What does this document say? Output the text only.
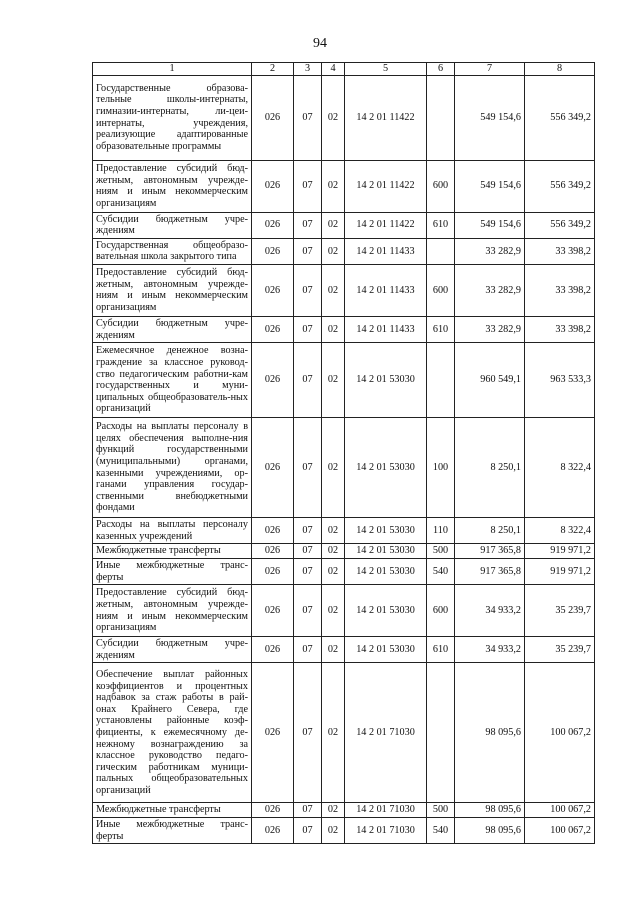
94
1	2	3	4	5	6	7	8
Государственные образова-тельные школы-интернаты, гимназии-интернаты, ли-цеи-интернаты, учреждения, реализующие адаптированные образовательные программы	026	07	02	14 2 01 11422		549 154,6	556 349,2
Предоставление субсидий бюд-жетным, автономным учрежде-ниям и иным некоммерческим организациям	026	07	02	14 2 01 11422	600	549 154,6	556 349,2
Субсидии бюджетным учре-ждениям	026	07	02	14 2 01 11422	610	549 154,6	556 349,2
Государственная общеобразо-вательная школа закрытого типа	026	07	02	14 2 01 11433		33 282,9	33 398,2
Предоставление субсидий бюд-жетным, автономным учрежде-ниям и иным некоммерческим организациям	026	07	02	14 2 01 11433	600	33 282,9	33 398,2
Субсидии бюджетным учре-ждениям	026	07	02	14 2 01 11433	610	33 282,9	33 398,2
Ежемесячное денежное возна-граждение за классное руковод-ство педагогическим работни-кам государственных и муни-ципальных общеобразователь-ных организаций	026	07	02	14 2 01 53030		960 549,1	963 533,3
Расходы на выплаты персоналу в целях обеспечения выполне-ния функций государственными (муниципальными) органами, казенными учреждениями, ор-ганами управления государ-ственными внебюджетными фондами	026	07	02	14 2 01 53030	100	8 250,1	8 322,4
Расходы на выплаты персоналу казенных учреждений	026	07	02	14 2 01 53030	110	8 250,1	8 322,4
Межбюджетные трансферты	026	07	02	14 2 01 53030	500	917 365,8	919 971,2
Иные межбюджетные транс-ферты	026	07	02	14 2 01 53030	540	917 365,8	919 971,2
Предоставление субсидий бюд-жетным, автономным учрежде-ниям и иным некоммерческим организациям	026	07	02	14 2 01 53030	600	34 933,2	35 239,7
Субсидии бюджетным учре-ждениям	026	07	02	14 2 01 53030	610	34 933,2	35 239,7
Обеспечение выплат районных коэффициентов и процентных надбавок за стаж работы в рай-онах Крайнего Севера, где установлены районные коэф-фициенты, к ежемесячному де-нежному вознаграждению за классное руководство педаго-гическим работникам муници-пальных общеобразовательных организаций	026	07	02	14 2 01 71030		98 095,6	100 067,2
Межбюджетные трансферты	026	07	02	14 2 01 71030	500	98 095,6	100 067,2
Иные межбюджетные транс-ферты	026	07	02	14 2 01 71030	540	98 095,6	100 067,2
